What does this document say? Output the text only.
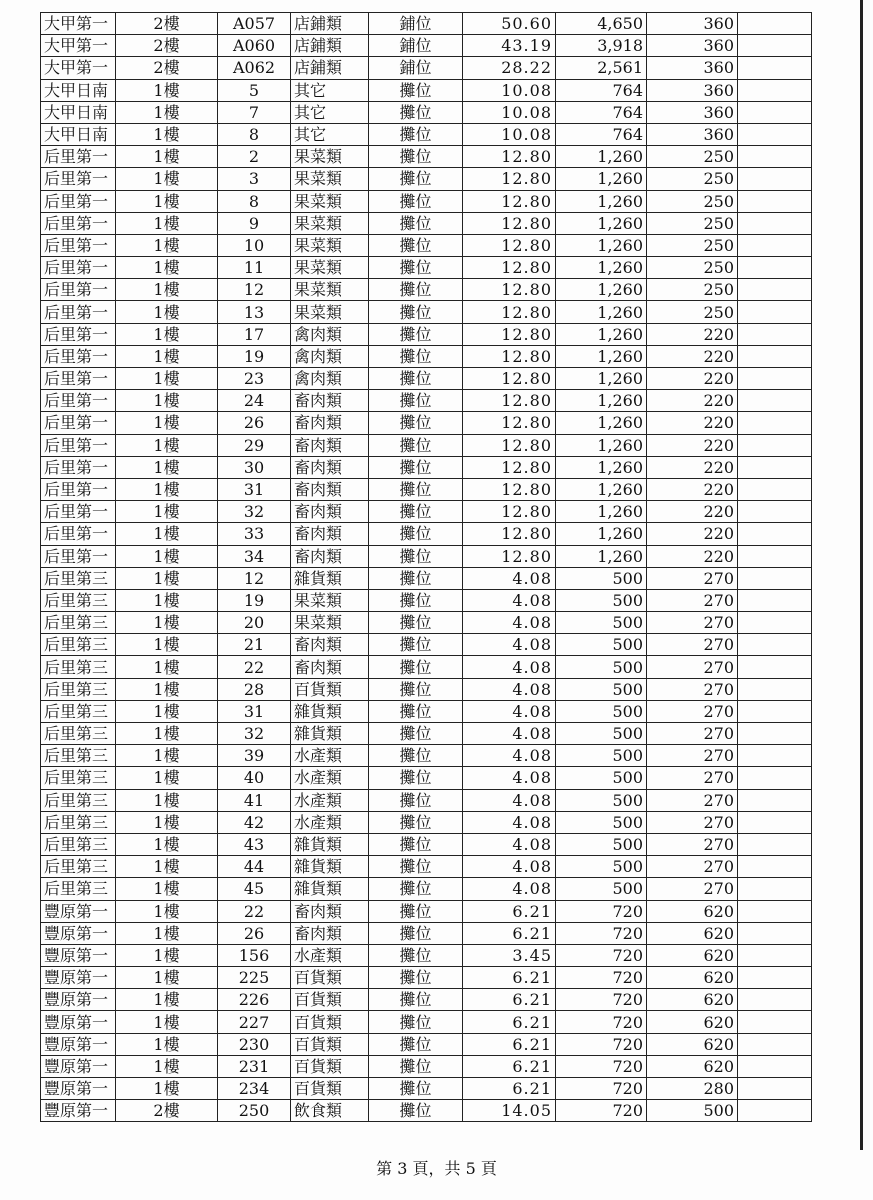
大甲第一	2樓	A057	店鋪類	鋪位	50.60	4,650	360	
大甲第一	2樓	A060	店鋪類	鋪位	43.19	3,918	360	
大甲第一	2樓	A062	店鋪類	鋪位	28.22	2,561	360	
大甲日南	1樓	5	其它	攤位	10.08	764	360	
大甲日南	1樓	7	其它	攤位	10.08	764	360	
大甲日南	1樓	8	其它	攤位	10.08	764	360	
后里第一	1樓	2	果菜類	攤位	12.80	1,260	250	
后里第一	1樓	3	果菜類	攤位	12.80	1,260	250	
后里第一	1樓	8	果菜類	攤位	12.80	1,260	250	
后里第一	1樓	9	果菜類	攤位	12.80	1,260	250	
后里第一	1樓	10	果菜類	攤位	12.80	1,260	250	
后里第一	1樓	11	果菜類	攤位	12.80	1,260	250	
后里第一	1樓	12	果菜類	攤位	12.80	1,260	250	
后里第一	1樓	13	果菜類	攤位	12.80	1,260	250	
后里第一	1樓	17	禽肉類	攤位	12.80	1,260	220	
后里第一	1樓	19	禽肉類	攤位	12.80	1,260	220	
后里第一	1樓	23	禽肉類	攤位	12.80	1,260	220	
后里第一	1樓	24	畜肉類	攤位	12.80	1,260	220	
后里第一	1樓	26	畜肉類	攤位	12.80	1,260	220	
后里第一	1樓	29	畜肉類	攤位	12.80	1,260	220	
后里第一	1樓	30	畜肉類	攤位	12.80	1,260	220	
后里第一	1樓	31	畜肉類	攤位	12.80	1,260	220	
后里第一	1樓	32	畜肉類	攤位	12.80	1,260	220	
后里第一	1樓	33	畜肉類	攤位	12.80	1,260	220	
后里第一	1樓	34	畜肉類	攤位	12.80	1,260	220	
后里第三	1樓	12	雜貨類	攤位	4.08	500	270	
后里第三	1樓	19	果菜類	攤位	4.08	500	270	
后里第三	1樓	20	果菜類	攤位	4.08	500	270	
后里第三	1樓	21	畜肉類	攤位	4.08	500	270	
后里第三	1樓	22	畜肉類	攤位	4.08	500	270	
后里第三	1樓	28	百貨類	攤位	4.08	500	270	
后里第三	1樓	31	雜貨類	攤位	4.08	500	270	
后里第三	1樓	32	雜貨類	攤位	4.08	500	270	
后里第三	1樓	39	水產類	攤位	4.08	500	270	
后里第三	1樓	40	水產類	攤位	4.08	500	270	
后里第三	1樓	41	水產類	攤位	4.08	500	270	
后里第三	1樓	42	水產類	攤位	4.08	500	270	
后里第三	1樓	43	雜貨類	攤位	4.08	500	270	
后里第三	1樓	44	雜貨類	攤位	4.08	500	270	
后里第三	1樓	45	雜貨類	攤位	4.08	500	270	
豐原第一	1樓	22	畜肉類	攤位	6.21	720	620	
豐原第一	1樓	26	畜肉類	攤位	6.21	720	620	
豐原第一	1樓	156	水產類	攤位	3.45	720	620	
豐原第一	1樓	225	百貨類	攤位	6.21	720	620	
豐原第一	1樓	226	百貨類	攤位	6.21	720	620	
豐原第一	1樓	227	百貨類	攤位	6.21	720	620	
豐原第一	1樓	230	百貨類	攤位	6.21	720	620	
豐原第一	1樓	231	百貨類	攤位	6.21	720	620	
豐原第一	1樓	234	百貨類	攤位	6.21	720	280	
豐原第一	2樓	250	飲食類	攤位	14.05	720	500	
第 3 頁，共 5 頁
